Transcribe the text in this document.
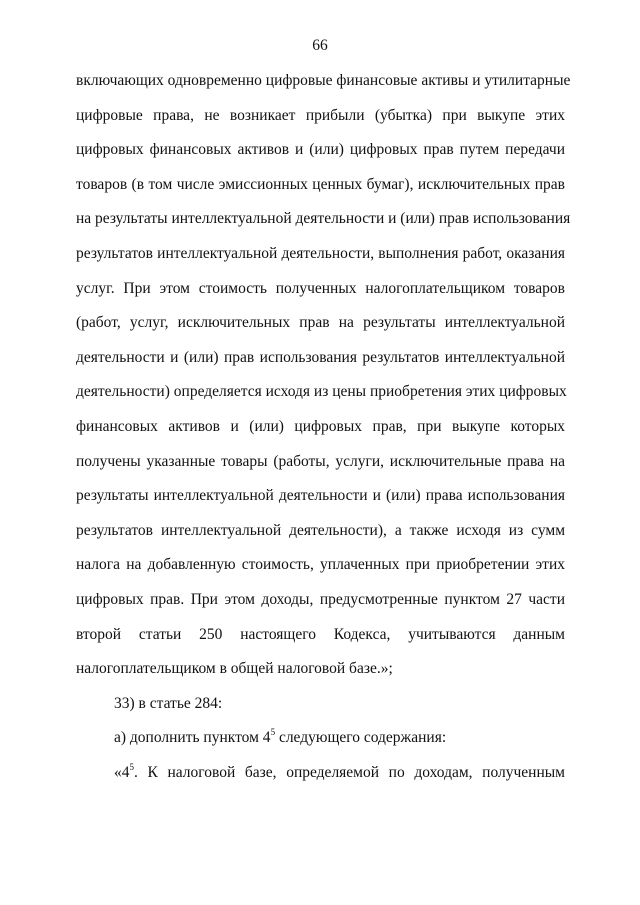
66
включающих одновременно цифровые финансовые активы и утилитарные
цифровые права, не возникает прибыли (убытка) при выкупе этих
цифровых финансовых активов и (или) цифровых прав путем передачи
товаров (в том числе эмиссионных ценных бумаг), исключительных прав
на результаты интеллектуальной деятельности и (или) прав использования
результатов интеллектуальной деятельности, выполнения работ, оказания
услуг. При этом стоимость полученных налогоплательщиком товаров
(работ, услуг, исключительных прав на результаты интеллектуальной
деятельности и (или) прав использования результатов интеллектуальной
деятельности) определяется исходя из цены приобретения этих цифровых
финансовых активов и (или) цифровых прав, при выкупе которых
получены указанные товары (работы, услуги, исключительные права на
результаты интеллектуальной деятельности и (или) права использования
результатов интеллектуальной деятельности), а также исходя из сумм
налога на добавленную стоимость, уплаченных при приобретении этих
цифровых прав. При этом доходы, предусмотренные пунктом 27 части
второй статьи 250 настоящего Кодекса, учитываются данным
налогоплательщиком в общей налоговой базе.»;
33) в статье 284:
а) дополнить пунктом $4^5$ следующего содержания:
«$4^5$. К налоговой базе, определяемой по доходам, полученным
